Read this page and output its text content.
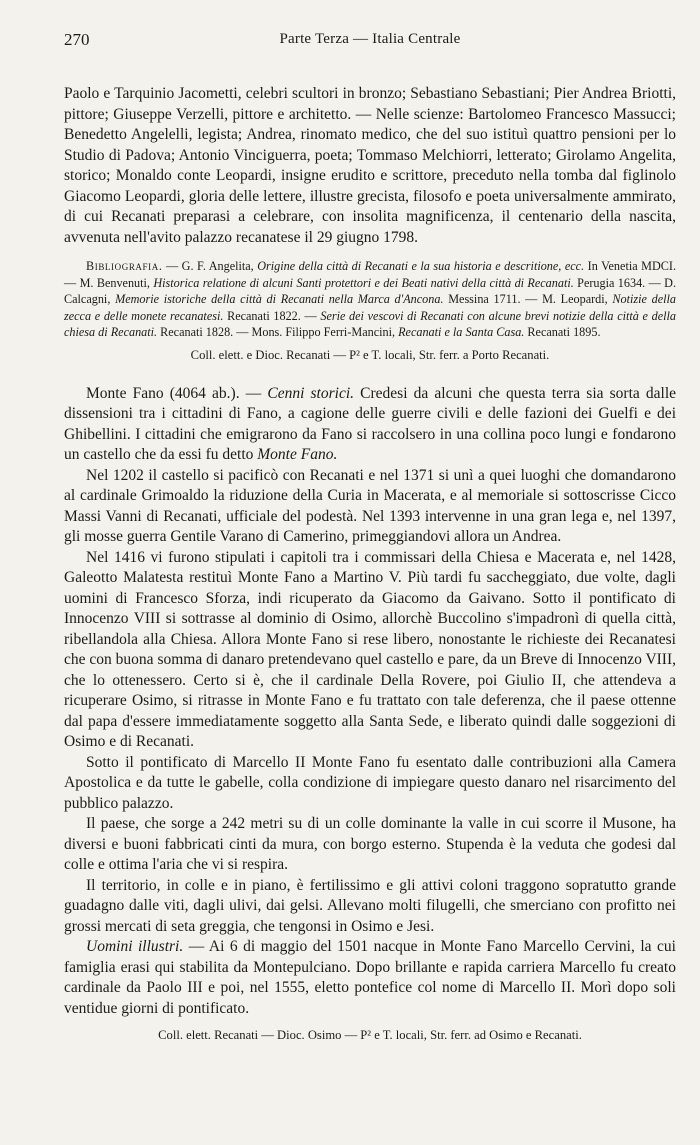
270	Parte Terza — Italia Centrale

Paolo e Tarquinio Jacometti, celebri scultori in bronzo; Sebastiano Sebastiani; Pier Andrea Briotti, pittore; Giuseppe Verzelli, pittore e architetto. — Nelle scienze: Bartolomeo Francesco Massucci; Benedetto Angelelli, legista; Andrea, rinomato medico, che del suo istituì quattro pensioni per lo Studio di Padova; Antonio Vinciguerra, poeta; Tommaso Melchiorri, letterato; Girolamo Angelita, storico; Monaldo conte Leopardi, insigne erudito e scrittore, preceduto nella tomba dal figlinolo Giacomo Leopardi, gloria delle lettere, illustre grecista, filosofo e poeta universalmente ammirato, di cui Recanati preparasi a celebrare, con insolita magnificenza, il centenario della nascita, avvenuta nell'avito palazzo recanatese il 29 giugno 1798.

Bibliografia. — G. F. Angelita, Origine della città di Recanati e la sua historia e descritione, ecc. In Venetia MDCI. — M. Benvenuti, Historica relatione di alcuni Santi protettori e dei Beati nativi della città di Recanati. Perugia 1634. — D. Calcagni, Memorie istoriche della città di Recanati nella Marca d'Ancona. Messina 1711. — M. Leopardi, Notizie della zecca e delle monete recanatesi. Recanati 1822. — Serie dei vescovi di Recanati con alcune brevi notizie della città e della chiesa di Recanati. Recanati 1828. — Mons. Filippo Ferri-Mancini, Recanati e la Santa Casa. Recanati 1895.
Coll. elett. e Dioc. Recanati — P² e T. locali, Str. ferr. a Porto Recanati.

Monte Fano (4064 ab.). — Cenni storici. Credesi da alcuni che questa terra sia sorta dalle dissensioni tra i cittadini di Fano, a cagione delle guerre civili e delle fazioni dei Guelfi e dei Ghibellini. I cittadini che emigrarono da Fano si raccolsero in una collina poco lungi e fondarono un castello che da essi fu detto Monte Fano.

Nel 1202 il castello si pacificò con Recanati e nel 1371 si unì a quei luoghi che domandarono al cardinale Grimoaldo la riduzione della Curia in Macerata, e al memoriale si sottoscrisse Cicco Massi Vanni di Recanati, ufficiale del podestà. Nel 1393 intervenne in una gran lega e, nel 1397, gli mosse guerra Gentile Varano di Camerino, primeggiandovi allora un Andrea.

Nel 1416 vi furono stipulati i capitoli tra i commissari della Chiesa e Macerata e, nel 1428, Galeotto Malatesta restituì Monte Fano a Martino V. Più tardi fu saccheggiato, due volte, dagli uomini di Francesco Sforza, indi ricuperato da Giacomo da Gaivano. Sotto il pontificato di Innocenzo VIII si sottrasse al dominio di Osimo, allorchè Buccolino s'impadronì di quella città, ribellandola alla Chiesa. Allora Monte Fano si rese libero, nonostante le richieste dei Recanatesi che con buona somma di danaro pretendevano quel castello e pare, da un Breve di Innocenzo VIII, che lo ottenessero. Certo si è, che il cardinale Della Rovere, poi Giulio II, che attendeva a ricuperare Osimo, si ritrasse in Monte Fano e fu trattato con tale deferenza, che il paese ottenne dal papa d'essere immediatamente soggetto alla Santa Sede, e liberato quindi dalle soggezioni di Osimo e di Recanati.

Sotto il pontificato di Marcello II Monte Fano fu esentato dalle contribuzioni alla Camera Apostolica e da tutte le gabelle, colla condizione di impiegare questo danaro nel risarcimento del pubblico palazzo.

Il paese, che sorge a 242 metri su di un colle dominante la valle in cui scorre il Musone, ha diversi e buoni fabbricati cinti da mura, con borgo esterno. Stupenda è la veduta che godesi dal colle e ottima l'aria che vi si respira.

Il territorio, in colle e in piano, è fertilissimo e gli attivi coloni traggono sopratutto grande guadagno dalle viti, dagli ulivi, dai gelsi. Allevano molti filugelli, che smerciano con profitto nei grossi mercati di seta greggia, che tengonsi in Osimo e Jesi.

Uomini illustri. — Ai 6 di maggio del 1501 nacque in Monte Fano Marcello Cervini, la cui famiglia erasi qui stabilita da Montepulciano. Dopo brillante e rapida carriera Marcello fu creato cardinale da Paolo III e poi, nel 1555, eletto pontefice col nome di Marcello II. Morì dopo soli ventidue giorni di pontificato.

Coll. elett. Recanati — Dioc. Osimo — P² e T. locali, Str. ferr. ad Osimo e Recanati.
